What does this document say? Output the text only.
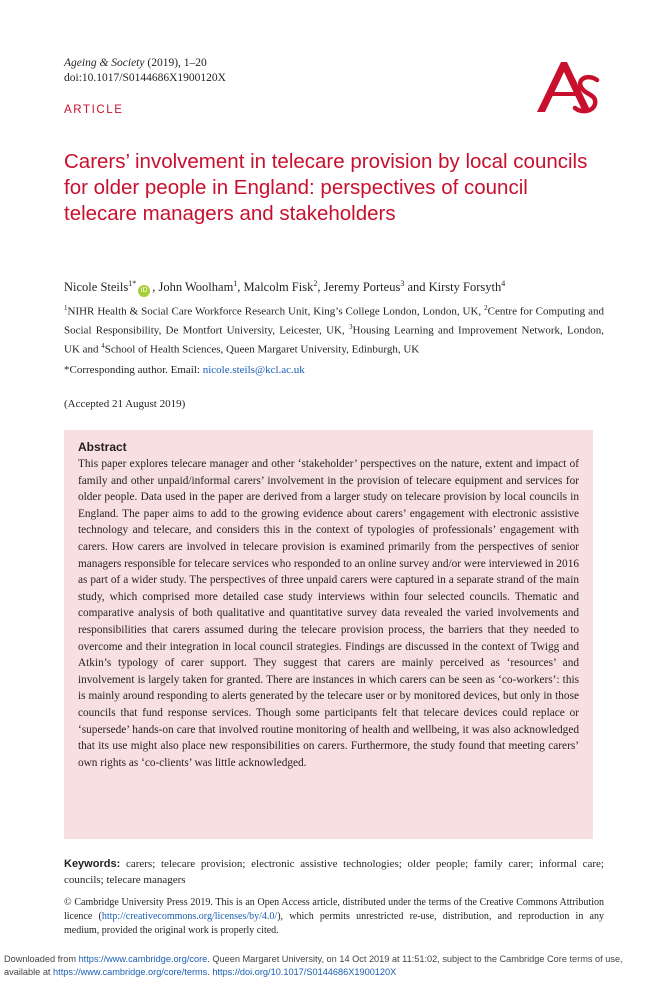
Ageing & Society (2019), 1–20
doi:10.1017/S0144686X1900120X
ARTICLE
Carers’ involvement in telecare provision by local councils for older people in England: perspectives of council telecare managers and stakeholders
Nicole Steils$^{1*}$iD , John Woolham$^1$, Malcolm Fisk$^2$, Jeremy Porteus$^3$ and Kirsty Forsyth$^4$
$^1$NIHR Health & Social Care Workforce Research Unit, King’s College London, London, UK, $^2$Centre for Computing and Social Responsibility, De Montfort University, Leicester, UK, $^3$Housing Learning and Improvement Network, London, UK and $^4$School of Health Sciences, Queen Margaret University, Edinburgh, UK
*Corresponding author. Email: nicole.steils@kcl.ac.uk
(Accepted 21 August 2019)
Abstract
This paper explores telecare manager and other ‘stakeholder’ perspectives on the nature, extent and impact of family and other unpaid/informal carers’ involvement in the provision of telecare equipment and services for older people. Data used in the paper are derived from a larger study on telecare provision by local councils in England. The paper aims to add to the growing evidence about carers’ engagement with electronic assistive technology and telecare, and considers this in the context of typologies of professionals’ engagement with carers. How carers are involved in telecare provision is examined primarily from the perspectives of senior managers responsible for telecare services who responded to an online survey and/or were interviewed in 2016 as part of a wider study. The perspectives of three unpaid carers were captured in a separate strand of the main study, which comprised more detailed case study interviews within four selected councils. Thematic and comparative analysis of both qualitative and quantitative survey data revealed the varied involvements and responsibilities that carers assumed during the telecare provision process, the barriers that they needed to overcome and their integration in local council strategies. Findings are discussed in the context of Twigg and Atkin’s typology of carer support. They suggest that carers are mainly perceived as ‘resources’ and involvement is largely taken for granted. There are instances in which carers can be seen as ‘co-workers’: this is mainly around responding to alerts generated by the telecare user or by monitored devices, but only in those councils that fund response services. Though some participants felt that telecare devices could replace or ‘supersede’ hands-on care that involved routine monitoring of health and wellbeing, it was also acknowledged that its use might also place new responsibilities on carers. Furthermore, the study found that meeting carers’ own rights as ‘co-clients’ was little acknowledged.
Keywords: carers; telecare provision; electronic assistive technologies; older people; family carer; informal care; councils; telecare managers
© Cambridge University Press 2019. This is an Open Access article, distributed under the terms of the Creative Commons Attribution licence (http://creativecommons.org/licenses/by/4.0/), which permits unrestricted re-use, distribution, and reproduction in any medium, provided the original work is properly cited.
Downloaded from https://www.cambridge.org/core. Queen Margaret University, on 14 Oct 2019 at 11:51:02, subject to the Cambridge Core terms of use, available at https://www.cambridge.org/core/terms. https://doi.org/10.1017/S0144686X1900120X
